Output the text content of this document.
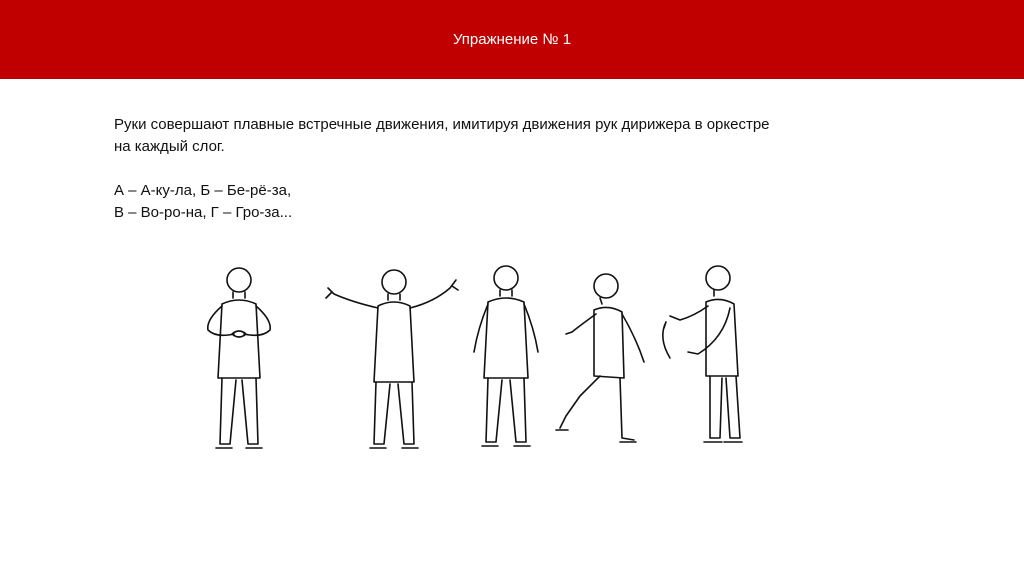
Упражнение № 1

Руки совершают плавные встречные движения, имитируя движения рук дирижера в оркестре

на каждый слог.

А – А-ку-ла, Б – Бе-рё-за,

В – Во-ро-на, Г – Гро-за...
